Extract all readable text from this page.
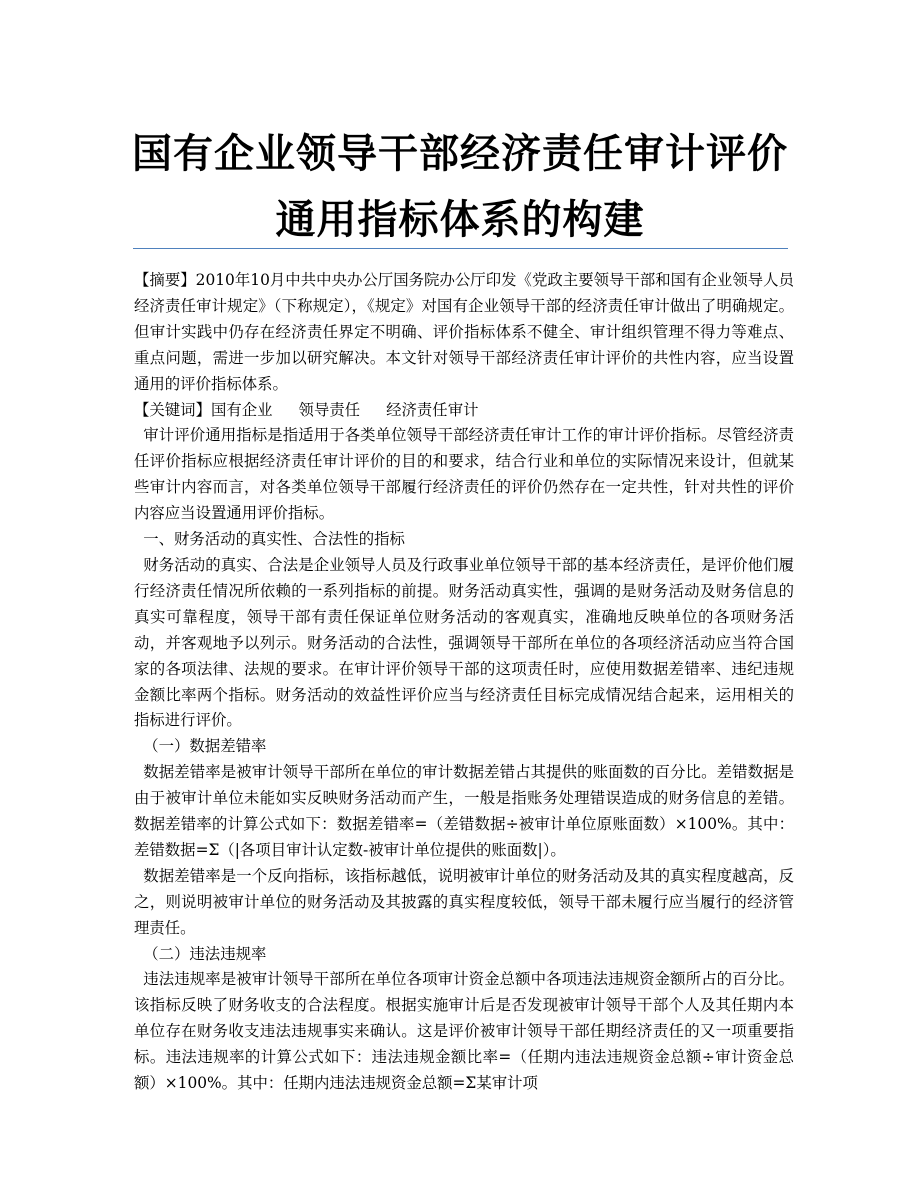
国有企业领导干部经济责任审计评价
通用指标体系的构建

【摘要】2010年10月中共中央办公厅国务院办公厅印发《党政主要领导干部和国有企业领导人员经济责任审计规定》（下称规定），《规定》对国有企业领导干部的经济责任审计做出了明确规定。但审计实践中仍存在经济责任界定不明确、评价指标体系不健全、审计组织管理不得力等难点、重点问题，需进一步加以研究解决。本文针对领导干部经济责任审计评价的共性内容，应当设置通用的评价指标体系。

【关键词】国有企业 领导责任 经济责任审计

审计评价通用指标是指适用于各类单位领导干部经济责任审计工作的审计评价指标。尽管经济责任评价指标应根据经济责任审计评价的目的和要求，结合行业和单位的实际情况来设计，但就某些审计内容而言，对各类单位领导干部履行经济责任的评价仍然存在一定共性，针对共性的评价内容应当设置通用评价指标。

一、财务活动的真实性、合法性的指标

财务活动的真实、合法是企业领导人员及行政事业单位领导干部的基本经济责任，是评价他们履行经济责任情况所依赖的一系列指标的前提。财务活动真实性，强调的是财务活动及财务信息的真实可靠程度，领导干部有责任保证单位财务活动的客观真实，准确地反映单位的各项财务活动，并客观地予以列示。财务活动的合法性，强调领导干部所在单位的各项经济活动应当符合国家的各项法律、法规的要求。在审计评价领导干部的这项责任时，应使用数据差错率、违纪违规金额比率两个指标。财务活动的效益性评价应当与经济责任目标完成情况结合起来，运用相关的指标进行评价。

（一）数据差错率

数据差错率是被审计领导干部所在单位的审计数据差错占其提供的账面数的百分比。差错数据是由于被审计单位未能如实反映财务活动而产生，一般是指账务处理错误造成的财务信息的差错。数据差错率的计算公式如下：数据差错率=（差错数据÷被审计单位原账面数）×100%。其中：差错数据=Σ（|各项目审计认定数-被审计单位提供的账面数|）。

数据差错率是一个反向指标，该指标越低，说明被审计单位的财务活动及其的真实程度越高，反之，则说明被审计单位的财务活动及其披露的真实程度较低，领导干部未履行应当履行的经济管理责任。

（二）违法违规率

违法违规率是被审计领导干部所在单位各项审计资金总额中各项违法违规资金额所占的百分比。该指标反映了财务收支的合法程度。根据实施审计后是否发现被审计领导干部个人及其任期内本单位存在财务收支违法违规事实来确认。这是评价被审计领导干部任期经济责任的又一项重要指标。违法违规率的计算公式如下：违法违规金额比率=（任期内违法违规资金总额÷审计资金总额）×100%。其中：任期内违法违规资金总额=Σ某审计项
